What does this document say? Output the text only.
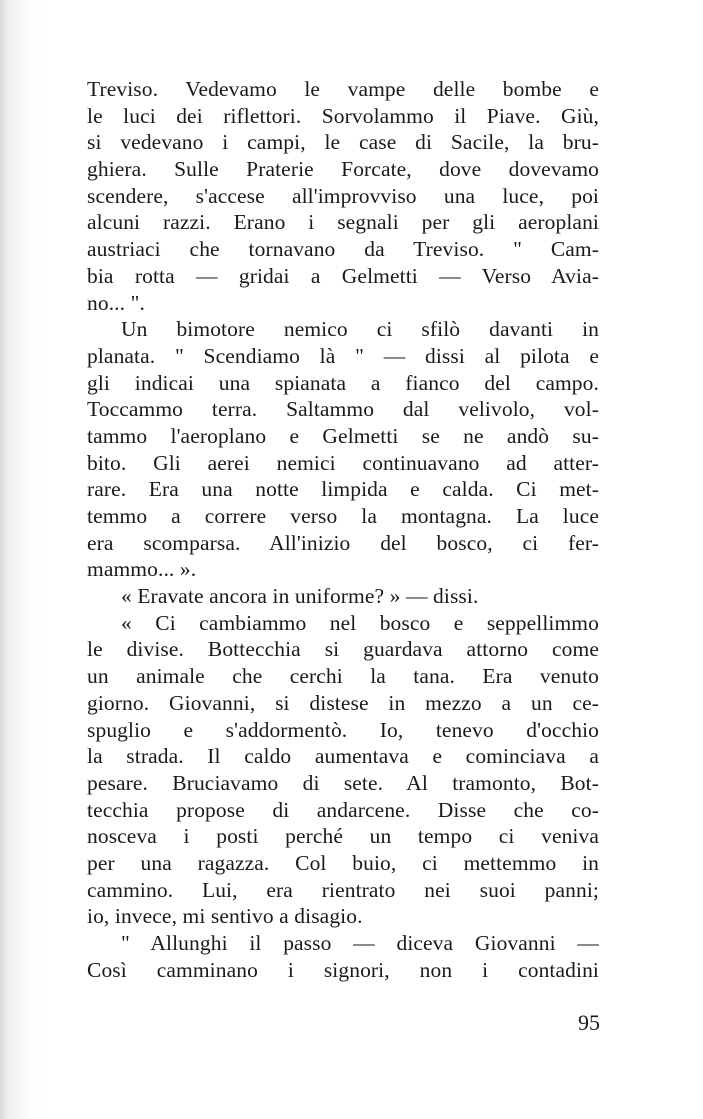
Treviso. Vedevamo le vampe delle bombe e
le luci dei riflettori. Sorvolammo il Piave. Giù,
si vedevano i campi, le case di Sacile, la bru-
ghiera. Sulle Praterie Forcate, dove dovevamo
scendere, s'accese all'improvviso una luce, poi
alcuni razzi. Erano i segnali per gli aeroplani
austriaci che tornavano da Treviso. " Cam-
bia rotta — gridai a Gelmetti — Verso Avia-
no... ".
Un bimotore nemico ci sfilò davanti in
planata. " Scendiamo là " — dissi al pilota e
gli indicai una spianata a fianco del campo.
Toccammo terra. Saltammo dal velivolo, vol-
tammo l'aeroplano e Gelmetti se ne andò su-
bito. Gli aerei nemici continuavano ad atter-
rare. Era una notte limpida e calda. Ci met-
temmo a correre verso la montagna. La luce
era scomparsa. All'inizio del bosco, ci fer-
mammo... ».
« Eravate ancora in uniforme? » — dissi.
« Ci cambiammo nel bosco e seppellimmo
le divise. Bottecchia si guardava attorno come
un animale che cerchi la tana. Era venuto
giorno. Giovanni, si distese in mezzo a un ce-
spuglio e s'addormentò. Io, tenevo d'occhio
la strada. Il caldo aumentava e cominciava a
pesare. Bruciavamo di sete. Al tramonto, Bot-
tecchia propose di andarcene. Disse che co-
nosceva i posti perché un tempo ci veniva
per una ragazza. Col buio, ci mettemmo in
cammino. Lui, era rientrato nei suoi panni;
io, invece, mi sentivo a disagio.
" Allunghi il passo — diceva Giovanni —
Così camminano i signori, non i contadini
95
